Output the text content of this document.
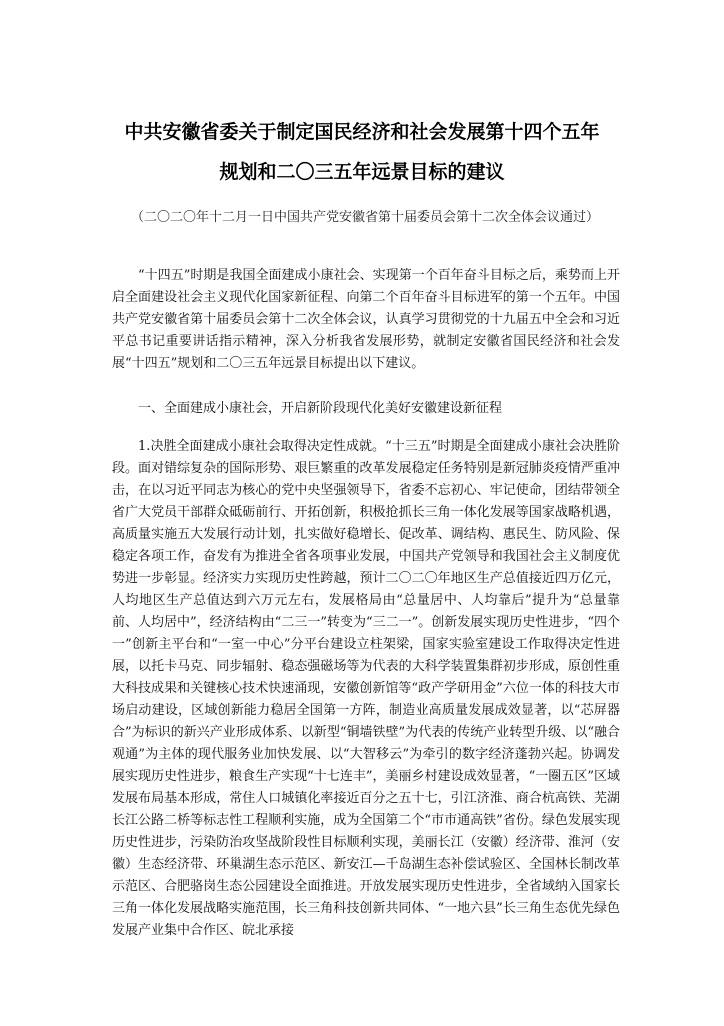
中共安徽省委关于制定国民经济和社会发展第十四个五年
规划和二〇三五年远景目标的建议
（二〇二〇年十二月一日中国共产党安徽省第十届委员会第十二次全体会议通过）
“十四五”时期是我国全面建成小康社会、实现第一个百年奋斗目标之后，乘势而上开启全面建设社会主义现代化国家新征程、向第二个百年奋斗目标进军的第一个五年。中国共产党安徽省第十届委员会第十二次全体会议，认真学习贯彻党的十九届五中全会和习近平总书记重要讲话指示精神，深入分析我省发展形势，就制定安徽省国民经济和社会发展“十四五”规划和二〇三五年远景目标提出以下建议。
一、全面建成小康社会，开启新阶段现代化美好安徽建设新征程
1.决胜全面建成小康社会取得决定性成就。“十三五”时期是全面建成小康社会决胜阶段。面对错综复杂的国际形势、艰巨繁重的改革发展稳定任务特别是新冠肺炎疫情严重冲击，在以习近平同志为核心的党中央坚强领导下，省委不忘初心、牢记使命，团结带领全省广大党员干部群众砥砺前行、开拓创新，积极抢抓长三角一体化发展等国家战略机遇，高质量实施五大发展行动计划，扎实做好稳增长、促改革、调结构、惠民生、防风险、保稳定各项工作，奋发有为推进全省各项事业发展，中国共产党领导和我国社会主义制度优势进一步彰显。经济实力实现历史性跨越，预计二〇二〇年地区生产总值接近四万亿元，人均地区生产总值达到六万元左右，发展格局由“总量居中、人均靠后”提升为“总量靠前、人均居中”，经济结构由“二三一”转变为“三二一”。创新发展实现历史性进步，“四个一”创新主平台和“一室一中心”分平台建设立柱架梁，国家实验室建设工作取得决定性进展，以托卡马克、同步辐射、稳态强磁场等为代表的大科学装置集群初步形成，原创性重大科技成果和关键核心技术快速涌现，安徽创新馆等“政产学研用金”六位一体的科技大市场启动建设，区域创新能力稳居全国第一方阵，制造业高质量发展成效显著，以“芯屏器合”为标识的新兴产业形成体系、以新型“铜墙铁壁”为代表的传统产业转型升级、以“融合观通”为主体的现代服务业加快发展、以“大智移云”为牵引的数字经济蓬勃兴起。协调发展实现历史性进步，粮食生产实现“十七连丰”，美丽乡村建设成效显著，“一圈五区”区域发展布局基本形成，常住人口城镇化率接近百分之五十七，引江济淮、商合杭高铁、芜湖长江公路二桥等标志性工程顺利实施，成为全国第二个“市市通高铁”省份。绿色发展实现历史性进步，污染防治攻坚战阶段性目标顺利实现，美丽长江（安徽）经济带、淮河（安徽）生态经济带、环巢湖生态示范区、新安江—千岛湖生态补偿试验区、全国林长制改革示范区、合肥骆岗生态公园建设全面推进。开放发展实现历史性进步，全省域纳入国家长三角一体化发展战略实施范围，长三角科技创新共同体、“一地六县”长三角生态优先绿色发展产业集中合作区、皖北承接
